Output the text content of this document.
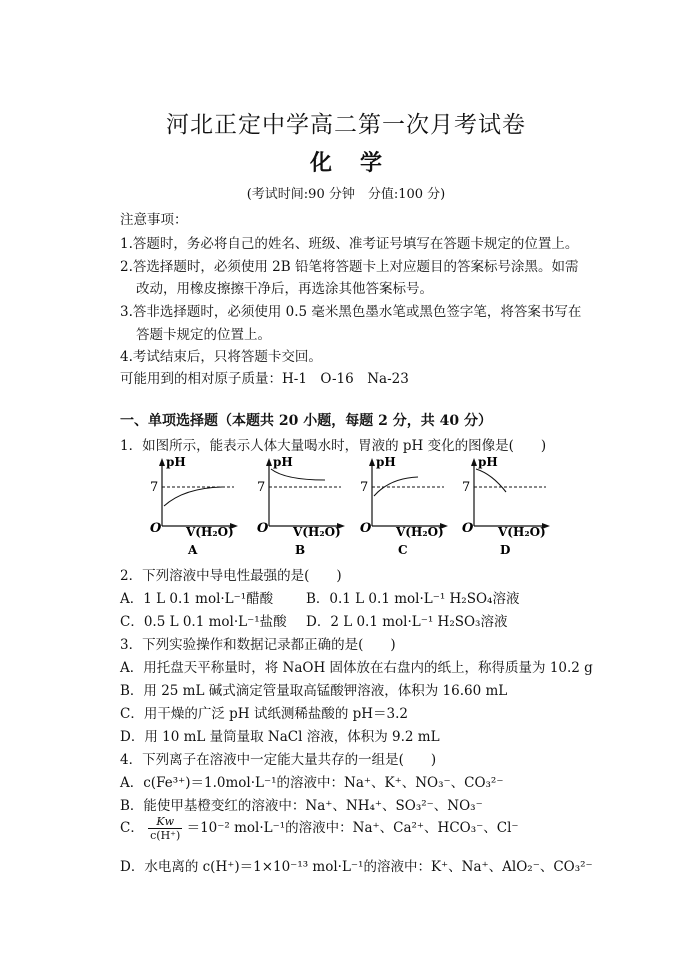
河北正定中学高二第一次月考试卷
化学
(考试时间:90 分钟　分值:100 分)
注意事项：
1.答题时，务必将自己的姓名、班级、准考证号填写在答题卡规定的位置上。
2.答选择题时，必须使用 2B 铅笔将答题卡上对应题目的答案标号涂黑。如需
改动，用橡皮擦擦干净后，再选涂其他答案标号。
3.答非选择题时，必须使用 0.5 毫米黑色墨水笔或黑色签字笔，将答案书写在
答题卡规定的位置上。
4.考试结束后，只将答题卡交回。
可能用到的相对原子质量：H-1　O-16　Na-23
一、单项选择题（本题共 20 小题，每题 2 分，共 40 分）
1．如图所示，能表示人体大量喝水时，胃液的 pH 变化的图像是(　　)
pH
7
O V(H₂O)
A
pH
7
O V(H₂O)
B
pH
7
O V(H₂O)
C
pH
7
O V(H₂O)
D
2．下列溶液中导电性最强的是(　　)
A．1 L 0.1 mol·L⁻¹醋酸 B．0.1 L 0.1 mol·L⁻¹ H₂SO₄溶液
C．0.5 L 0.1 mol·L⁻¹盐酸 D．2 L 0.1 mol·L⁻¹ H₂SO₃溶液
3．下列实验操作和数据记录都正确的是(　　)
A．用托盘天平称量时，将 NaOH 固体放在右盘内的纸上，称得质量为 10.2 g
B．用 25 mL 碱式滴定管量取高锰酸钾溶液，体积为 16.60 mL
C．用干燥的广泛 pH 试纸测稀盐酸的 pH＝3.2
D．用 10 mL 量筒量取 NaCl 溶液，体积为 9.2 mL
4．下列离子在溶液中一定能大量共存的一组是(　　)
A．c(Fe³⁺)＝1.0mol·L⁻¹的溶液中：Na⁺、K⁺、NO₃⁻、CO₃²⁻
B．能使甲基橙变红的溶液中：Na⁺、NH₄⁺、SO₃²⁻、NO₃⁻
C． $\frac{Kw}{c(H^+)} =10^{-2}$ mol·L⁻¹的溶液中：Na⁺、Ca²⁺、HCO₃⁻、Cl⁻
D．水电离的 c(H⁺)＝1×10⁻¹³ mol·L⁻¹的溶液中：K⁺、Na⁺、AlO₂⁻、CO₃²⁻
